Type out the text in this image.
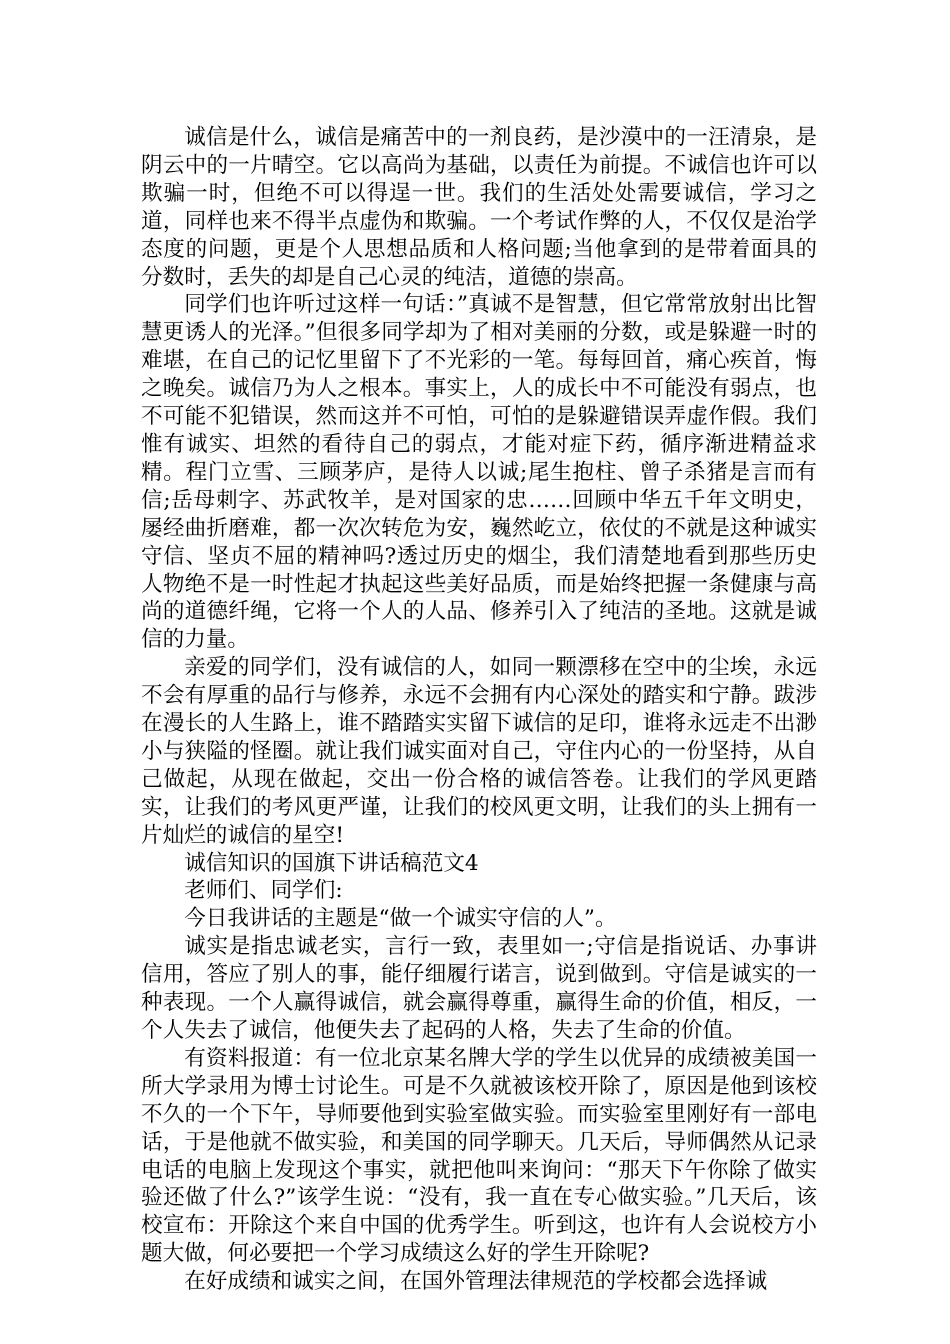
诚信是什么，诚信是痛苦中的一剂良药，是沙漠中的一汪清泉，是阴云中的一片晴空。它以高尚为基础，以责任为前提。不诚信也许可以欺骗一时，但绝不可以得逞一世。我们的生活处处需要诚信，学习之道，同样也来不得半点虚伪和欺骗。一个考试作弊的人，不仅仅是治学态度的问题，更是个人思想品质和人格问题;当他拿到的是带着面具的分数时，丢失的却是自己心灵的纯洁，道德的崇高。

同学们也许听过这样一句话：”真诚不是智慧，但它常常放射出比智慧更诱人的光泽。”但很多同学却为了相对美丽的分数，或是躲避一时的难堪，在自己的记忆里留下了不光彩的一笔。每每回首，痛心疾首，悔之晚矣。诚信乃为人之根本。事实上，人的成长中不可能没有弱点，也不可能不犯错误，然而这并不可怕，可怕的是躲避错误弄虚作假。我们惟有诚实、坦然的看待自己的弱点，才能对症下药，循序渐进精益求精。程门立雪、三顾茅庐，是待人以诚;尾生抱柱、曾子杀猪是言而有信;岳母刺字、苏武牧羊，是对国家的忠……回顾中华五千年文明史，屡经曲折磨难，都一次次转危为安，巍然屹立，依仗的不就是这种诚实守信、坚贞不屈的精神吗?透过历史的烟尘，我们清楚地看到那些历史人物绝不是一时性起才执起这些美好品质，而是始终把握一条健康与高尚的道德纤绳，它将一个人的人品、修养引入了纯洁的圣地。这就是诚信的力量。

亲爱的同学们，没有诚信的人，如同一颗漂移在空中的尘埃，永远不会有厚重的品行与修养，永远不会拥有内心深处的踏实和宁静。跋涉在漫长的人生路上，谁不踏踏实实留下诚信的足印，谁将永远走不出渺小与狭隘的怪圈。就让我们诚实面对自己，守住内心的一份坚持，从自己做起，从现在做起，交出一份合格的诚信答卷。让我们的学风更踏实，让我们的考风更严谨，让我们的校风更文明，让我们的头上拥有一片灿烂的诚信的星空!

诚信知识的国旗下讲话稿范文4

老师们、同学们:

今日我讲话的主题是“做一个诚实守信的人”。

诚实是指忠诚老实，言行一致，表里如一;守信是指说话、办事讲信用，答应了别人的事，能仔细履行诺言，说到做到。守信是诚实的一种表现。一个人赢得诚信，就会赢得尊重，赢得生命的价值，相反，一个人失去了诚信，他便失去了起码的人格，失去了生命的价值。

有资料报道：有一位北京某名牌大学的学生以优异的成绩被美国一所大学录用为博士讨论生。可是不久就被该校开除了，原因是他到该校不久的一个下午，导师要他到实验室做实验。而实验室里刚好有一部电话，于是他就不做实验，和美国的同学聊天。几天后，导师偶然从记录电话的电脑上发现这个事实，就把他叫来询问：“那天下午你除了做实验还做了什么?”该学生说：“没有，我一直在专心做实验。”几天后，该校宣布：开除这个来自中国的优秀学生。听到这，也许有人会说校方小题大做，何必要把一个学习成绩这么好的学生开除呢?

在好成绩和诚实之间，在国外管理法律规范的学校都会选择诚
